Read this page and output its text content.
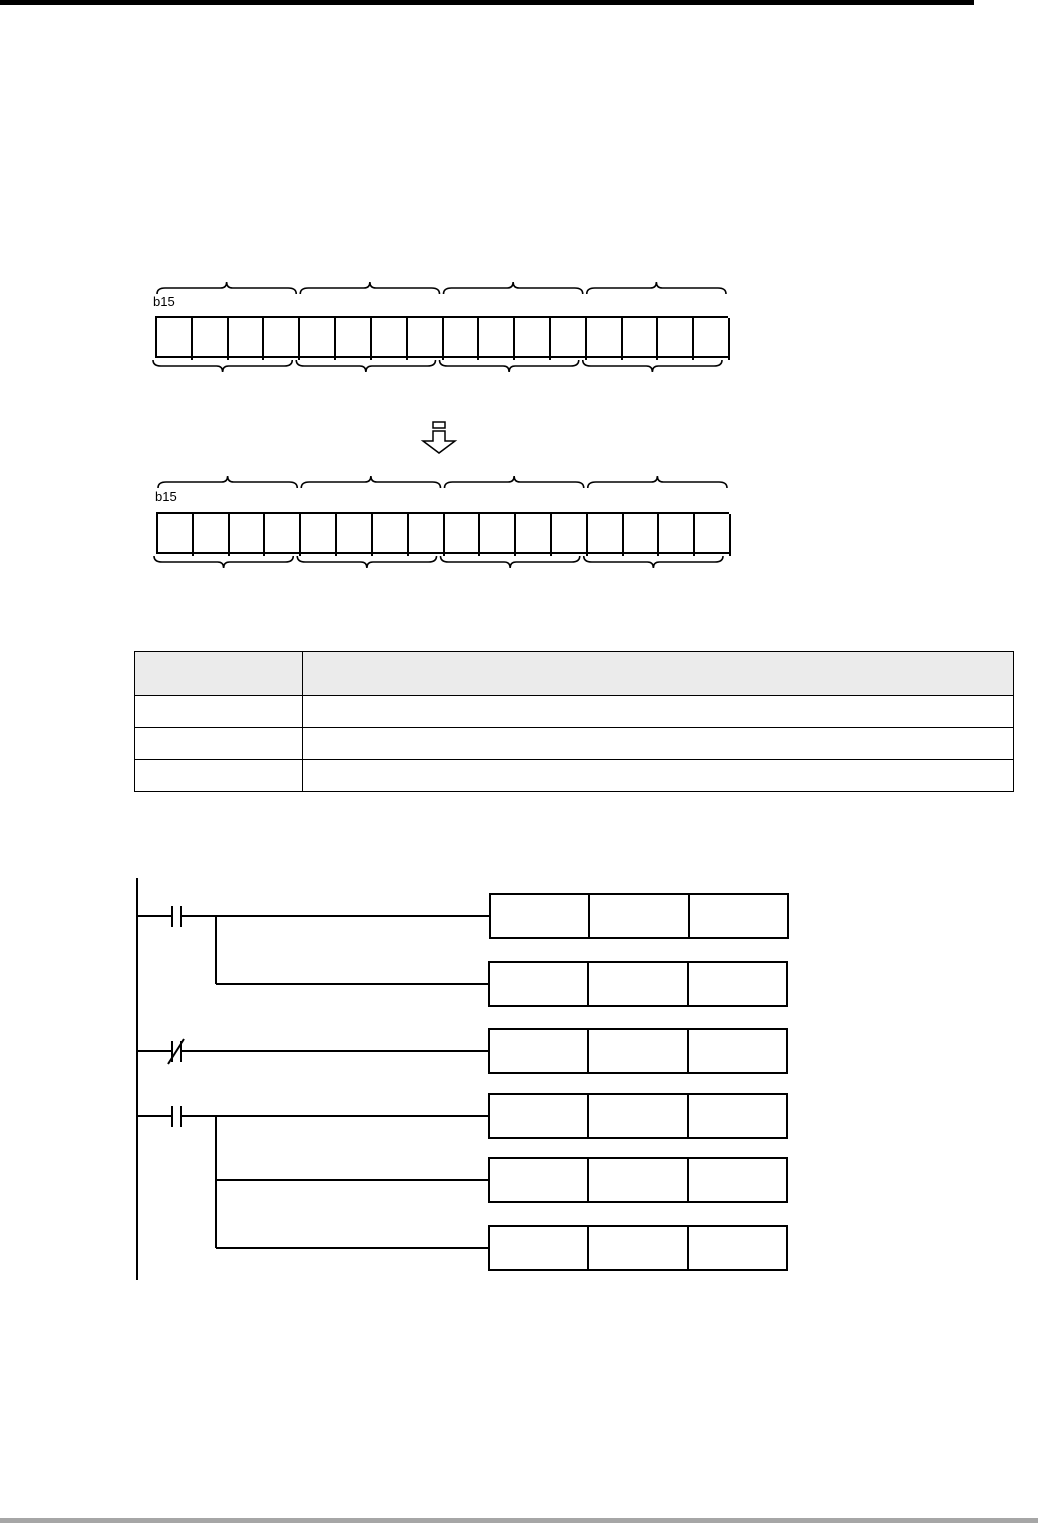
b15
b15
